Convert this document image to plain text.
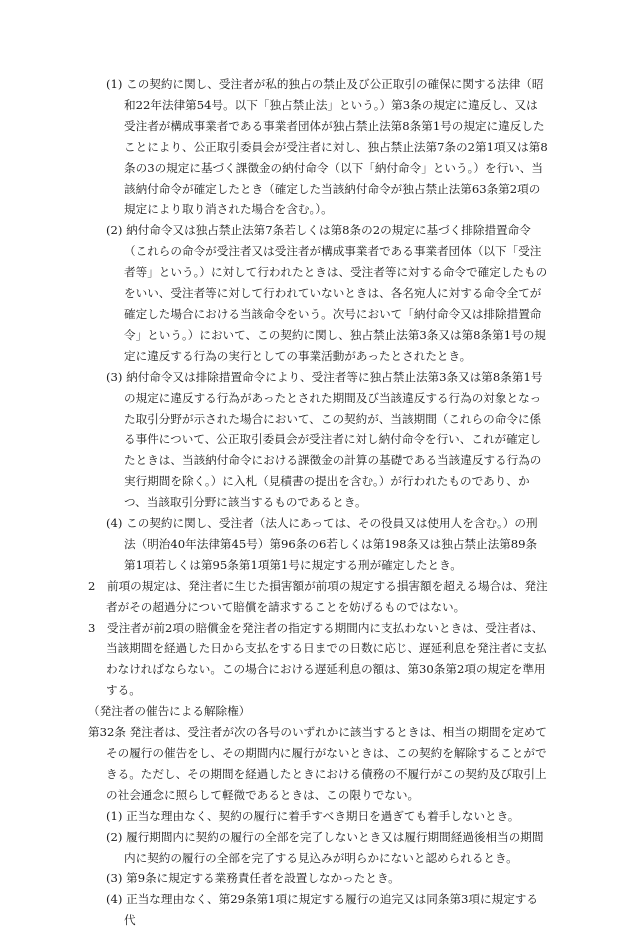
(1) この契約に関し、受注者が私的独占の禁止及び公正取引の確保に関する法律（昭和22年法律第54号。以下「独占禁止法」という。）第3条の規定に違反し、又は受注者が構成事業者である事業者団体が独占禁止法第8条第1号の規定に違反したことにより、公正取引委員会が受注者に対し、独占禁止法第7条の2第1項又は第8条の3の規定に基づく課徴金の納付命令（以下「納付命令」という。）を行い、当該納付命令が確定したとき（確定した当該納付命令が独占禁止法第63条第2項の規定により取り消された場合を含む。）。

(2) 納付命令又は独占禁止法第7条若しくは第8条の2の規定に基づく排除措置命令（これらの命令が受注者又は受注者が構成事業者である事業者団体（以下「受注者等」という。）に対して行われたときは、受注者等に対する命令で確定したものをいい、受注者等に対して行われていないときは、各名宛人に対する命令全てが確定した場合における当該命令をいう。次号において「納付命令又は排除措置命令」という。）において、この契約に関し、独占禁止法第3条又は第8条第1号の規定に違反する行為の実行としての事業活動があったとされたとき。

(3) 納付命令又は排除措置命令により、受注者等に独占禁止法第3条又は第8条第1号の規定に違反する行為があったとされた期間及び当該違反する行為の対象となった取引分野が示された場合において、この契約が、当該期間（これらの命令に係る事件について、公正取引委員会が受注者に対し納付命令を行い、これが確定したときは、当該納付命令における課徴金の計算の基礎である当該違反する行為の実行期間を除く。）に入札（見積書の提出を含む。）が行われたものであり、かつ、当該取引分野に該当するものであるとき。

(4) この契約に関し、受注者（法人にあっては、その役員又は使用人を含む。）の刑法（明治40年法律第45号）第96条の6若しくは第198条又は独占禁止法第89条第1項若しくは第95条第1項第1号に規定する刑が確定したとき。

2　前項の規定は、発注者に生じた損害額が前項の規定する損害額を超える場合は、発注者がその超過分について賠償を請求することを妨げるものではない。

3　受注者が前2項の賠償金を発注者の指定する期間内に支払わないときは、受注者は、当該期間を経過した日から支払をする日までの日数に応じ、遅延利息を発注者に支払わなければならない。この場合における遅延利息の額は、第30条第2項の規定を準用する。

（発注者の催告による解除権）

第32条 発注者は、受注者が次の各号のいずれかに該当するときは、相当の期間を定めてその履行の催告をし、その期間内に履行がないときは、この契約を解除することができる。ただし、その期間を経過したときにおける債務の不履行がこの契約及び取引上の社会通念に照らして軽微であるときは、この限りでない。

(1) 正当な理由なく、契約の履行に着手すべき期日を過ぎても着手しないとき。

(2) 履行期間内に契約の履行の全部を完了しないとき又は履行期間経過後相当の期間内に契約の履行の全部を完了する見込みが明らかにないと認められるとき。

(3) 第9条に規定する業務責任者を設置しなかったとき。

(4) 正当な理由なく、第29条第1項に規定する履行の追完又は同条第3項に規定する代
